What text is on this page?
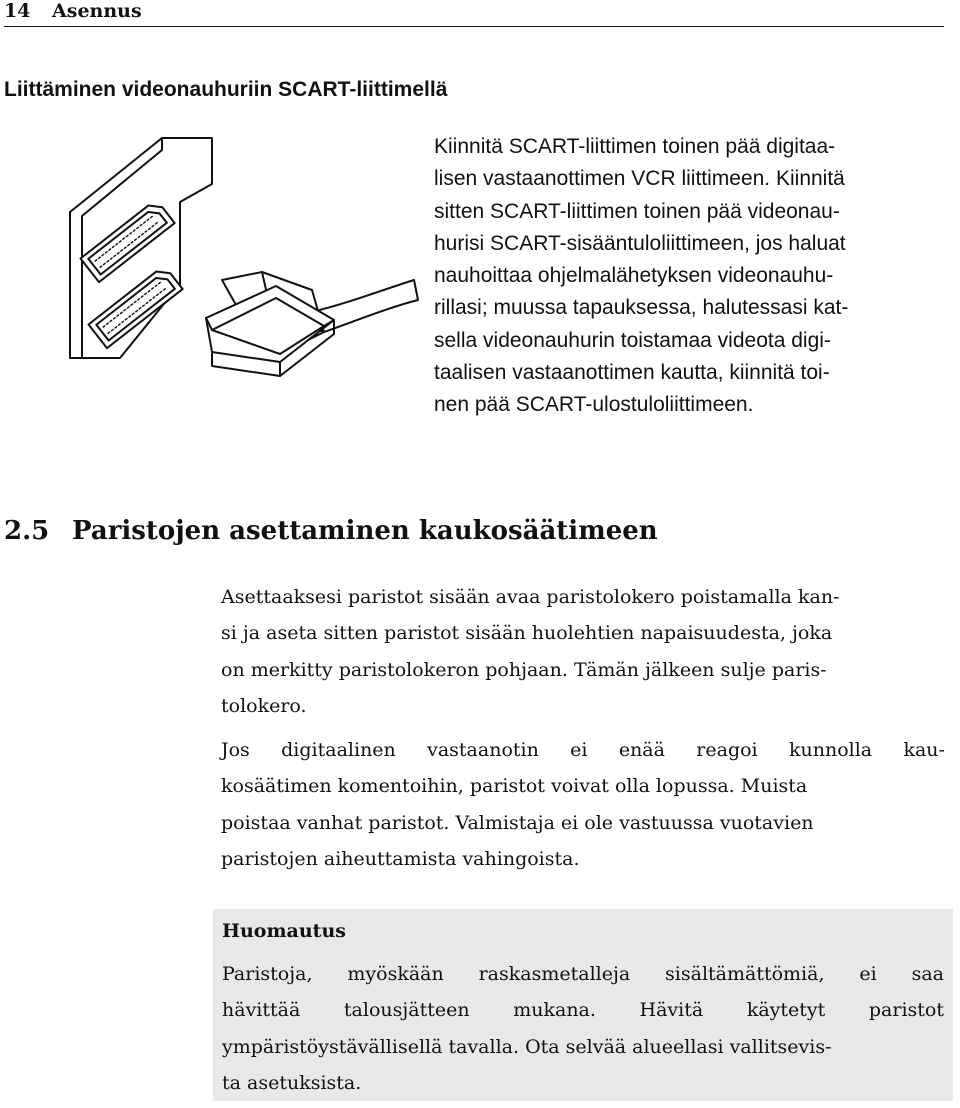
14 Asennus
Liittäminen videonauhuriin SCART-liittimellä
Kiinnitä SCART-liittimen toinen pää digitaa-
lisen vastaanottimen VCR liittimeen. Kiinnitä
sitten SCART-liittimen toinen pää videonau-
hurisi SCART-sisääntuloliittimeen, jos haluat
nauhoittaa ohjelmalähetyksen videonauhu-
rillasi; muussa tapauksessa, halutessasi kat-
sella videonauhurin toistamaa videota digi-
taalisen vastaanottimen kautta, kiinnitä toi-
nen pää SCART-ulostuloliittimeen.
2.5 Paristojen asettaminen kaukosäätimeen
Asettaaksesi paristot sisään avaa paristolokero poistamalla kan-
si ja aseta sitten paristot sisään huolehtien napaisuudesta, joka
on merkitty paristolokeron pohjaan. Tämän jälkeen sulje paris-
tolokero.
Jos digitaalinen vastaanotin ei enää reagoi kunnolla kau-
kosäätimen komentoihin, paristot voivat olla lopussa. Muista
poistaa vanhat paristot. Valmistaja ei ole vastuussa vuotavien
paristojen aiheuttamista vahingoista.
Huomautus
Paristoja, myöskään raskasmetalleja sisältämättömiä, ei saa
hävittää talousjätteen mukana. Hävitä käytetyt paristot
ympäristöystävällisellä tavalla. Ota selvää alueellasi vallitsevis-
ta asetuksista.
